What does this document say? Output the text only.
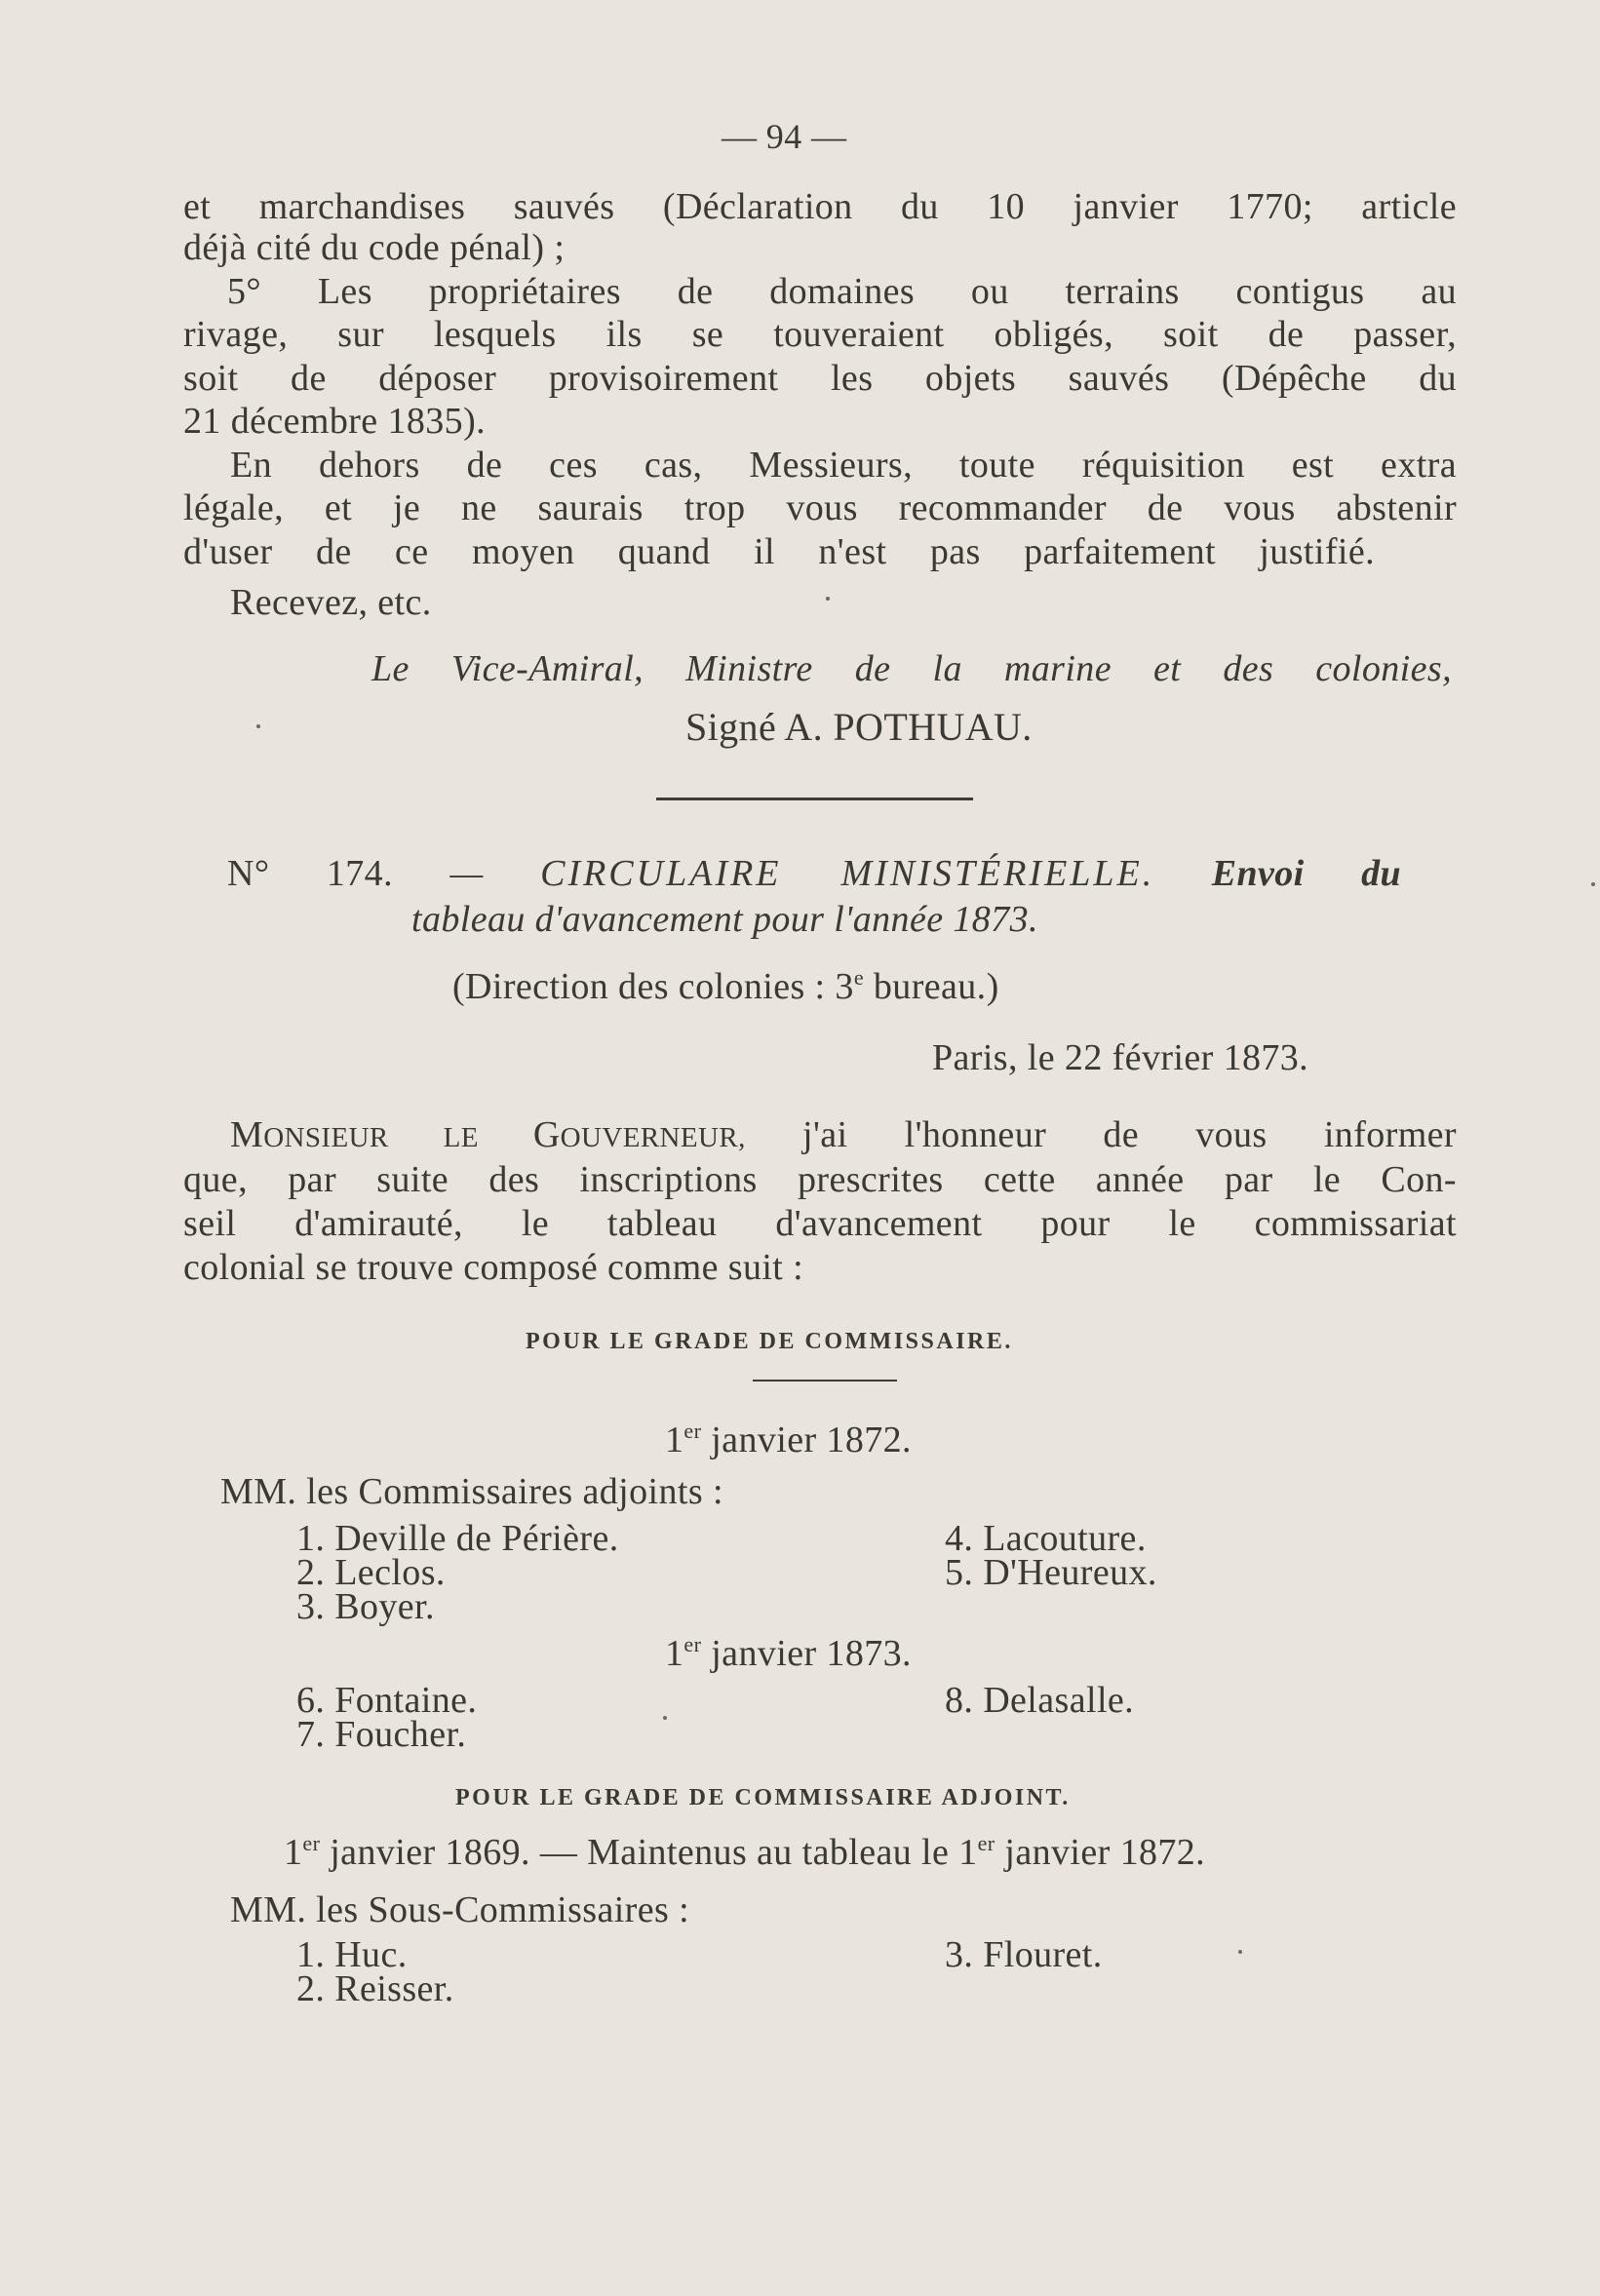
— 94 —
et marchandises sauvés (Déclaration du 10 janvier 1770; article
déjà cité du code pénal) ;
5° Les propriétaires de domaines ou terrains contigus au
rivage, sur lesquels ils se touveraient obligés, soit de passer,
soit de déposer provisoirement les objets sauvés (Dépêche du
21 décembre 1835).
En dehors de ces cas, Messieurs, toute réquisition est extra
légale, et je ne saurais trop vous recommander de vous abstenir
d'user de ce moyen quand il n'est pas parfaitement justifié.
Recevez, etc.
Le Vice-Amiral, Ministre de la marine et des colonies,
Signé A. POTHUAU.
N° 174. — CIRCULAIRE MINISTÉRIELLE. Envoi du
tableau d'avancement pour l'année 1873.
(Direction des colonies : 3e bureau.)
Paris, le 22 février 1873.
MONSIEUR LE GOUVERNEUR, j'ai l'honneur de vous informer
que, par suite des inscriptions prescrites cette année par le Con-
seil d'amirauté, le tableau d'avancement pour le commissariat
colonial se trouve composé comme suit :
POUR LE GRADE DE COMMISSAIRE.
1er janvier 1872.
MM. les Commissaires adjoints :
1. Deville de Périère.
2. Leclos.
3. Boyer.
4. Lacouture.
5. D'Heureux.
1er janvier 1873.
6. Fontaine.
7. Foucher.
8. Delasalle.
POUR LE GRADE DE COMMISSAIRE ADJOINT.
1er janvier 1869. — Maintenus au tableau le 1er janvier 1872.
MM. les Sous-Commissaires :
1. Huc.
2. Reisser.
3. Flouret.
